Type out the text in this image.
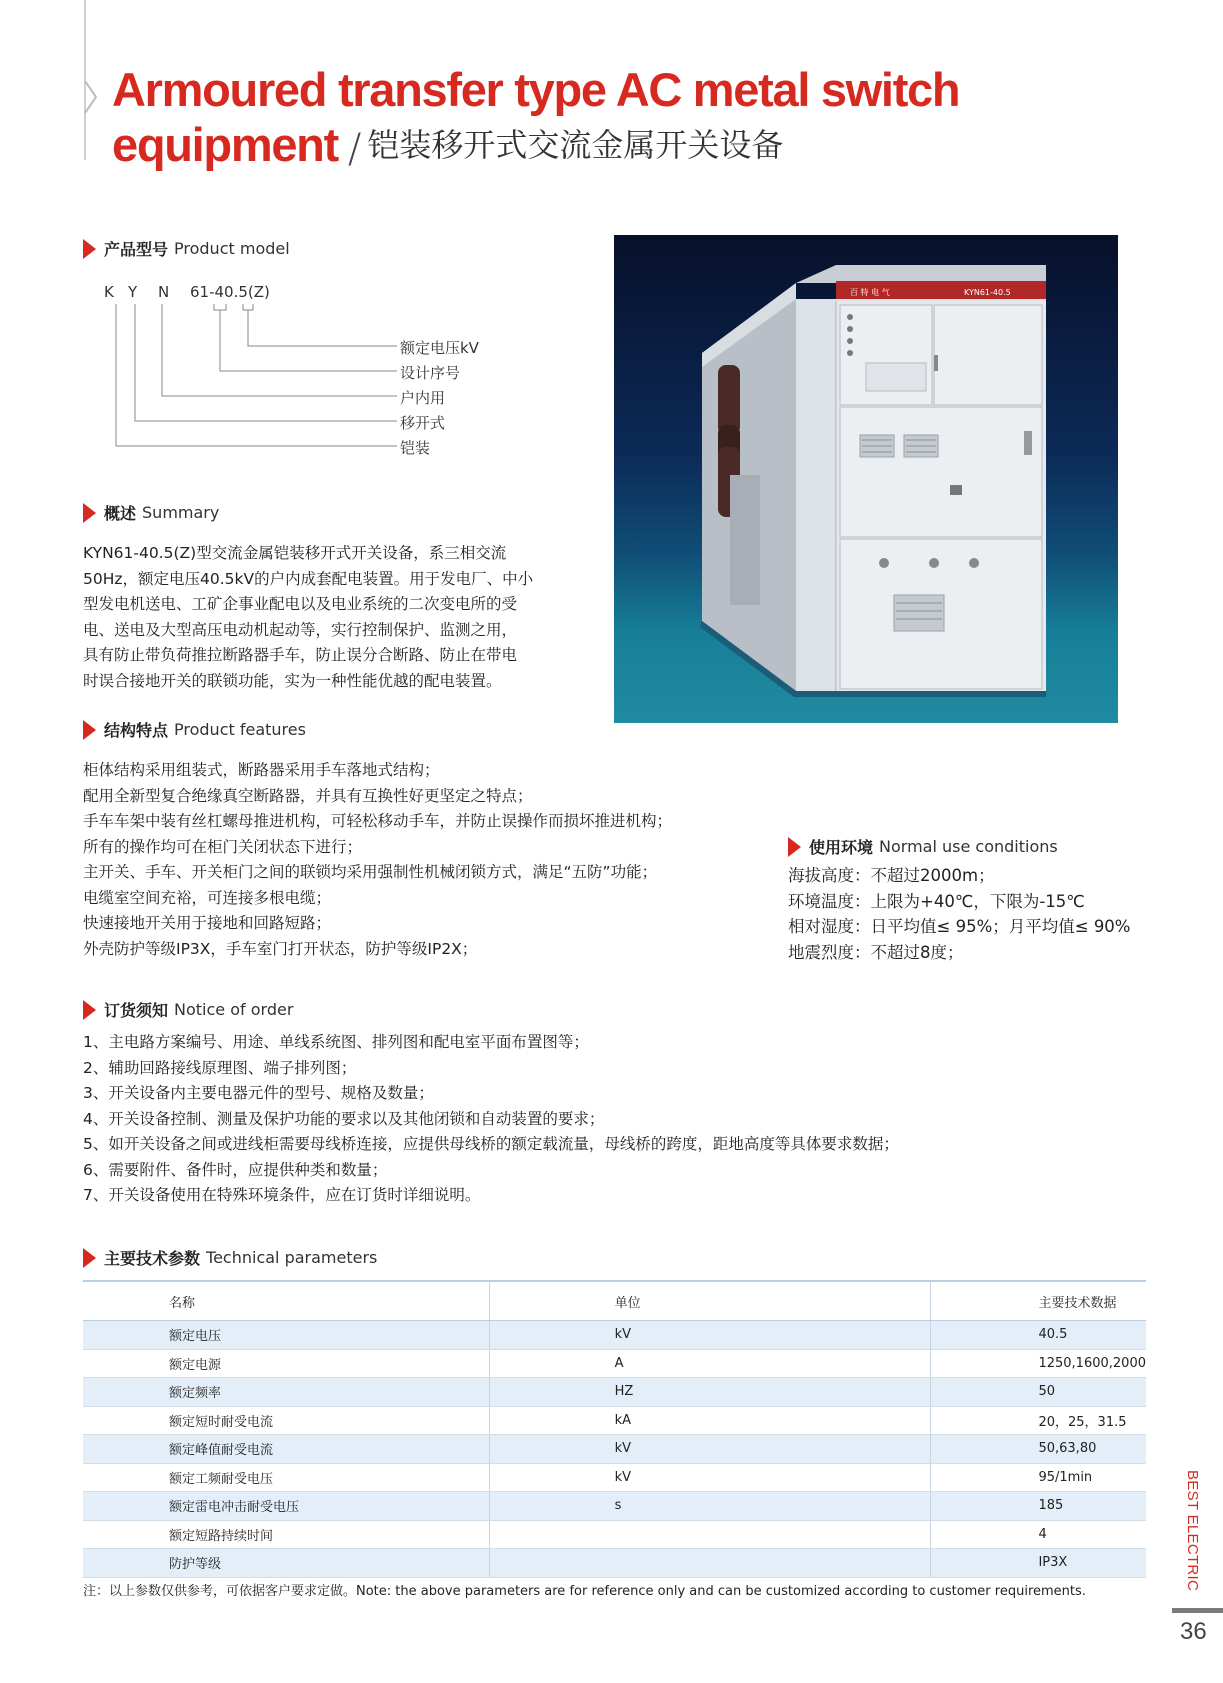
Armoured transfer type AC metal switch
equipment / 铠装移开式交流金属开关设备
产品型号 Product model
K Y N 61-40.5(Z)
额定电压kV
设计序号
户内用
移开式
铠装
概述 Summary
KYN61-40.5(Z)型交流金属铠装移开式开关设备，系三相交流
50Hz，额定电压40.5kV的户内成套配电装置。用于发电厂、中小
型发电机送电、工矿企事业配电以及电业系统的二次变电所的受
电、送电及大型高压电动机起动等，实行控制保护、监测之用，
具有防止带负荷推拉断路器手车，防止误分合断路、防止在带电
时误合接地开关的联锁功能，实为一种性能优越的配电装置。
百 特 电 气	KYN61-40.5
结构特点 Product features
柜体结构采用组装式，断路器采用手车落地式结构；
配用全新型复合绝缘真空断路器，并具有互换性好更坚定之特点；
手车车架中装有丝杠螺母推进机构，可轻松移动手车，并防止误操作而损坏推进机构；
所有的操作均可在柜门关闭状态下进行；
主开关、手车、开关柜门之间的联锁均采用强制性机械闭锁方式，满足“五防”功能；
电缆室空间充裕，可连接多根电缆；
快速接地开关用于接地和回路短路；
外壳防护等级IP3X，手车室门打开状态，防护等级IP2X；
使用环境 Normal use conditions
海拔高度：不超过2000m；
环境温度：上限为+40℃，下限为-15℃
相对湿度：日平均值≤ 95%；月平均值≤ 90%
地震烈度：不超过8度；
订货须知 Notice of order
1、主电路方案编号、用途、单线系统图、排列图和配电室平面布置图等；
2、辅助回路接线原理图、端子排列图；
3、开关设备内主要电器元件的型号、规格及数量；
4、开关设备控制、测量及保护功能的要求以及其他闭锁和自动装置的要求；
5、如开关设备之间或进线柜需要母线桥连接，应提供母线桥的额定载流量，母线桥的跨度，距地高度等具体要求数据；
6、需要附件、备件时，应提供种类和数量；
7、开关设备使用在特殊环境条件，应在订货时详细说明。
主要技术参数 Technical parameters
名称	单位	主要技术数据
额定电压	kV	40.5
额定电源	A	1250,1600,2000
额定频率	HZ	50
额定短时耐受电流	kA	20，25，31.5
额定峰值耐受电流	kV	50,63,80
额定工频耐受电压	kV	95/1min
额定雷电冲击耐受电压	s	185
额定短路持续时间		4
防护等级		IP3X
注：以上参数仅供参考，可依据客户要求定做。Note: the above parameters are for reference only and can be customized according to customer requirements.
BEST ELECTRIC
36
